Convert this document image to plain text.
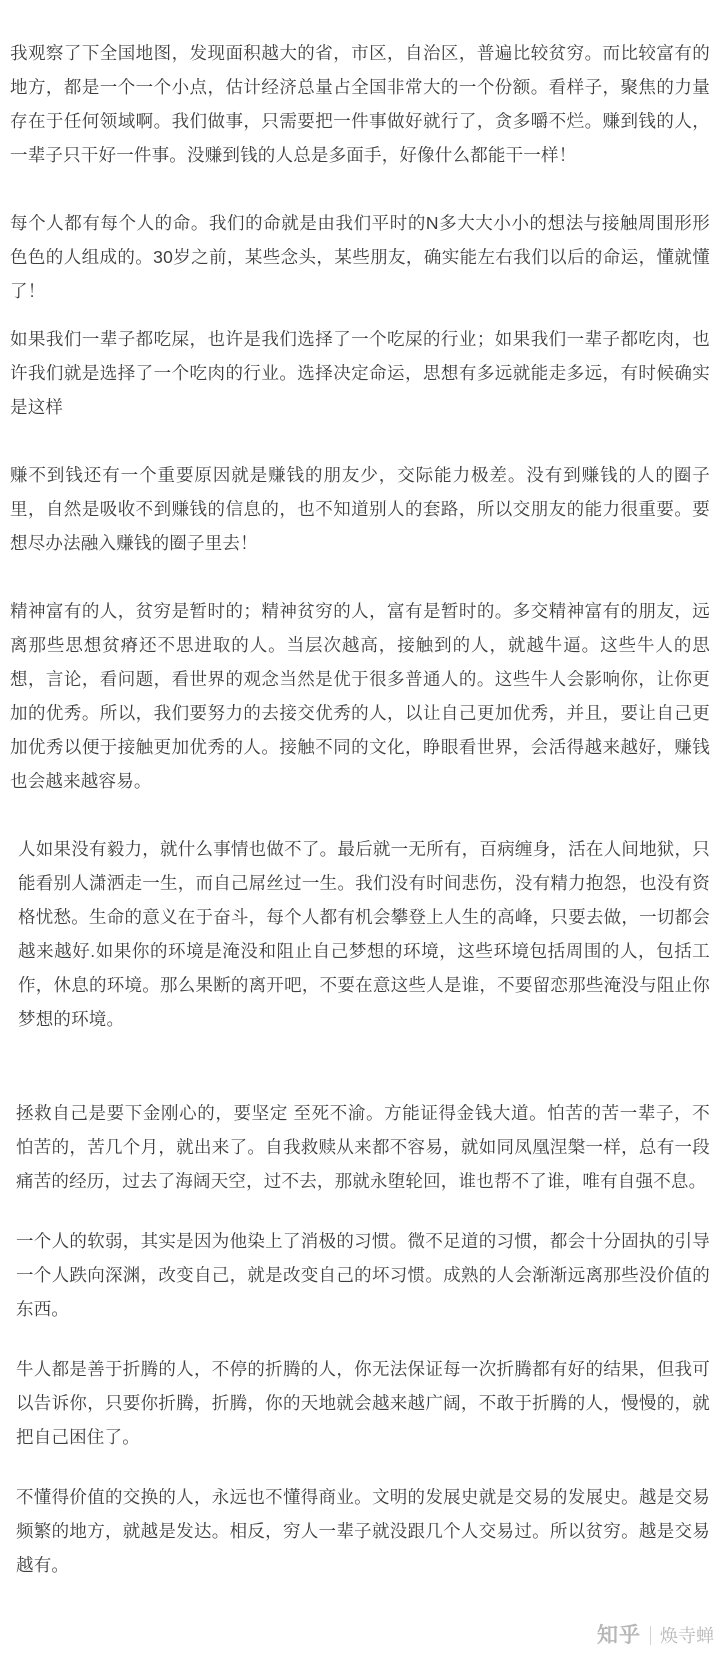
我观察了下全国地图，发现面积越大的省，市区，自治区，普遍比较贫穷。而比较富有的地方，都是一个一个小点，估计经济总量占全国非常大的一个份额。看样子，聚焦的力量存在于任何领域啊。我们做事，只需要把一件事做好就行了，贪多嚼不烂。赚到钱的人，一辈子只干好一件事。没赚到钱的人总是多面手，好像什么都能干一样！

每个人都有每个人的命。我们的命就是由我们平时的N多大大小小的想法与接触周围形形色色的人组成的。30岁之前，某些念头，某些朋友，确实能左右我们以后的命运，懂就懂了！

如果我们一辈子都吃屎，也许是我们选择了一个吃屎的行业；如果我们一辈子都吃肉，也许我们就是选择了一个吃肉的行业。选择决定命运，思想有多远就能走多远，有时候确实是这样

赚不到钱还有一个重要原因就是赚钱的朋友少，交际能力极差。没有到赚钱的人的圈子里，自然是吸收不到赚钱的信息的，也不知道别人的套路，所以交朋友的能力很重要。要想尽办法融入赚钱的圈子里去！

精神富有的人，贫穷是暂时的；精神贫穷的人，富有是暂时的。多交精神富有的朋友，远离那些思想贫瘠还不思进取的人。当层次越高，接触到的人，就越牛逼。这些牛人的思想，言论，看问题，看世界的观念当然是优于很多普通人的。这些牛人会影响你，让你更加的优秀。所以，我们要努力的去接交优秀的人，以让自己更加优秀，并且，要让自己更加优秀以便于接触更加优秀的人。接触不同的文化，睁眼看世界，会活得越来越好，赚钱也会越来越容易。

人如果没有毅力，就什么事情也做不了。最后就一无所有，百病缠身，活在人间地狱，只能看别人潇洒走一生，而自己屌丝过一生。我们没有时间悲伤，没有精力抱怨，也没有资格忧愁。生命的意义在于奋斗，每个人都有机会攀登上人生的高峰，只要去做，一切都会越来越好.如果你的环境是淹没和阻止自己梦想的环境，这些环境包括周围的人，包括工作，休息的环境。那么果断的离开吧，不要在意这些人是谁，不要留恋那些淹没与阻止你梦想的环境。

拯救自己是要下金刚心的，要坚定 至死不渝。方能证得金钱大道。怕苦的苦一辈子，不怕苦的，苦几个月，就出来了。自我救赎从来都不容易，就如同凤凰涅槃一样，总有一段痛苦的经历，过去了海阔天空，过不去，那就永堕轮回，谁也帮不了谁，唯有自强不息。

一个人的软弱，其实是因为他染上了消极的习惯。微不足道的习惯，都会十分固执的引导一个人跌向深渊，改变自己，就是改变自己的坏习惯。成熟的人会渐渐远离那些没价值的东西。

牛人都是善于折腾的人，不停的折腾的人，你无法保证每一次折腾都有好的结果，但我可以告诉你，只要你折腾，折腾，你的天地就会越来越广阔，不敢于折腾的人，慢慢的，就把自己困住了。

不懂得价值的交换的人，永远也不懂得商业。文明的发展史就是交易的发展史。越是交易频繁的地方，就越是发达。相反，穷人一辈子就没跟几个人交易过。所以贫穷。越是交易越有。

知乎 焕寺蝉
